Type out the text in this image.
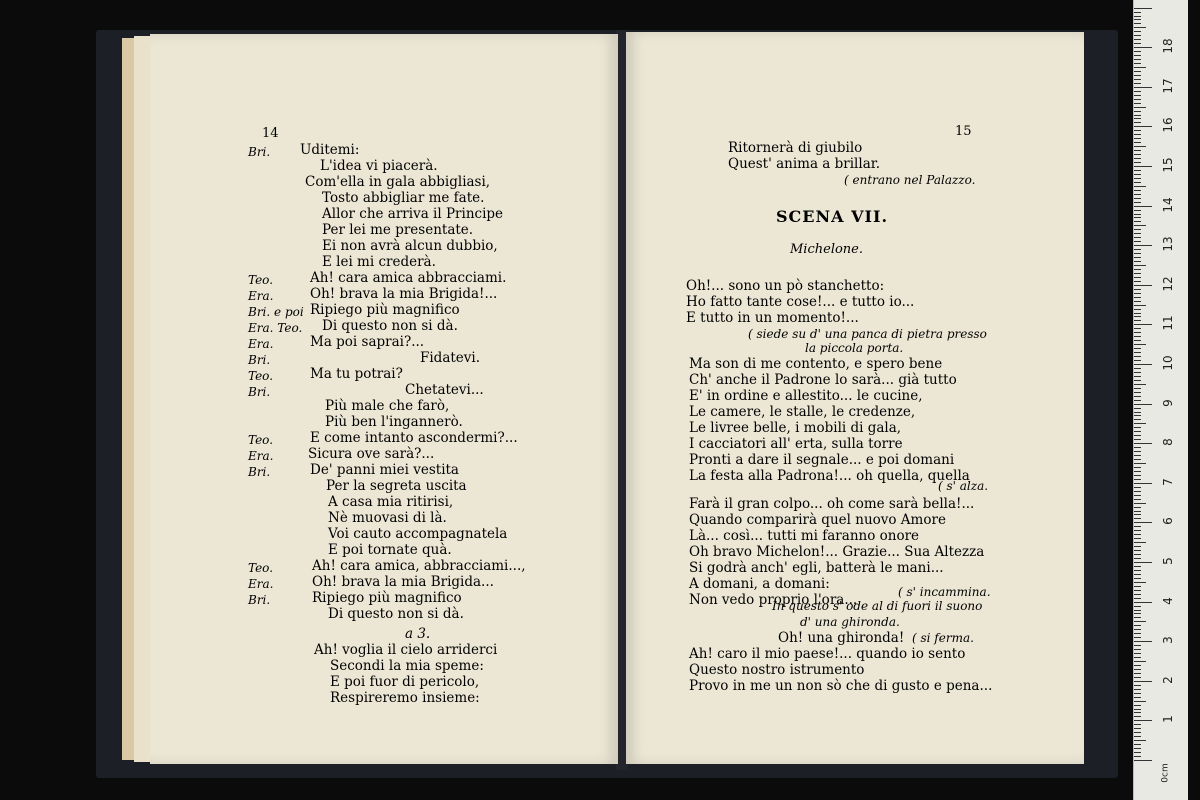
14
Bri. Uditemi:
L'idea vi piacerà.
Com'ella in gala abbigliasi,
Tosto abbigliar me fate.
Allor che arriva il Principe
Per lei me presentate.
Ei non avrà alcun dubbio,
E lei mi crederà.
Teo.	Ah! cara amica abbracciami.
Era.	Oh! brava la mia Brigida!...
Bri. e poi Ripiego più magnifico
Era. Teo. Di questo non si dà.
Era.	Ma poi saprai?...
Bri.	Fidatevi.
Teo.	Ma tu potrai?
Bri.	Chetatevi...
Più male che farò,
Più ben l'ingannerò.
Teo.	E come intanto ascondermi?...
Era.	Sicura ove sarà?...
Bri.	De' panni miei vestita
Per la segreta uscita
A casa mia ritirisi,
Nè muovasi di là.
Voi cauto accompagnatela
E poi tornate quà.
Teo.	Ah! cara amica, abbracciami...,
Era.	Oh! brava la mia Brigida...
Bri.	Ripiego più magnifico
Di questo non si dà.
a 3.
Ah! voglia il cielo arriderci
Secondi la mia speme:
E poi fuor di pericolo,
Respireremo insieme:
15
Ritornerà di giubilo
Quest' anima a brillar.
( entrano nel Palazzo.
SCENA VII.
Michelone.
Oh!... sono un pò stanchetto:
Ho fatto tante cose!... e tutto io...
E tutto in un momento!...
( siede su d' una panca di pietra presso
la piccola porta.
Ma son di me contento, e spero bene
Ch' anche il Padrone lo sarà... già tutto
E' in ordine e allestito... le cucine,
Le camere, le stalle, le credenze,
Le livree belle, i mobili di gala,
I cacciatori all' erta, sulla torre
Pronti a dare il segnale... e poi domani
La festa alla Padrona!... oh quella, quella
( s' alza.
Farà il gran colpo... oh come sarà bella!...
Quando comparirà quel nuovo Amore
Là... così... tutti mi faranno onore
Oh bravo Michelon!... Grazie... Sua Altezza
Si godrà anch' egli, batterà le mani...
A domani, a domani:
Non vedo proprio l'ora...	( s' incammina.
In questo s' ode al di fuori il suono
d' una ghironda.
Oh! una ghironda! ( si ferma.
Ah! caro il mio paese!... quando io sento
Questo nostro istrumento
Provo in me un non sò che di gusto e pena...
1
2
3
4
5
6
7
8
9
10
11
12
13
14
15
16
17
18
0cm
